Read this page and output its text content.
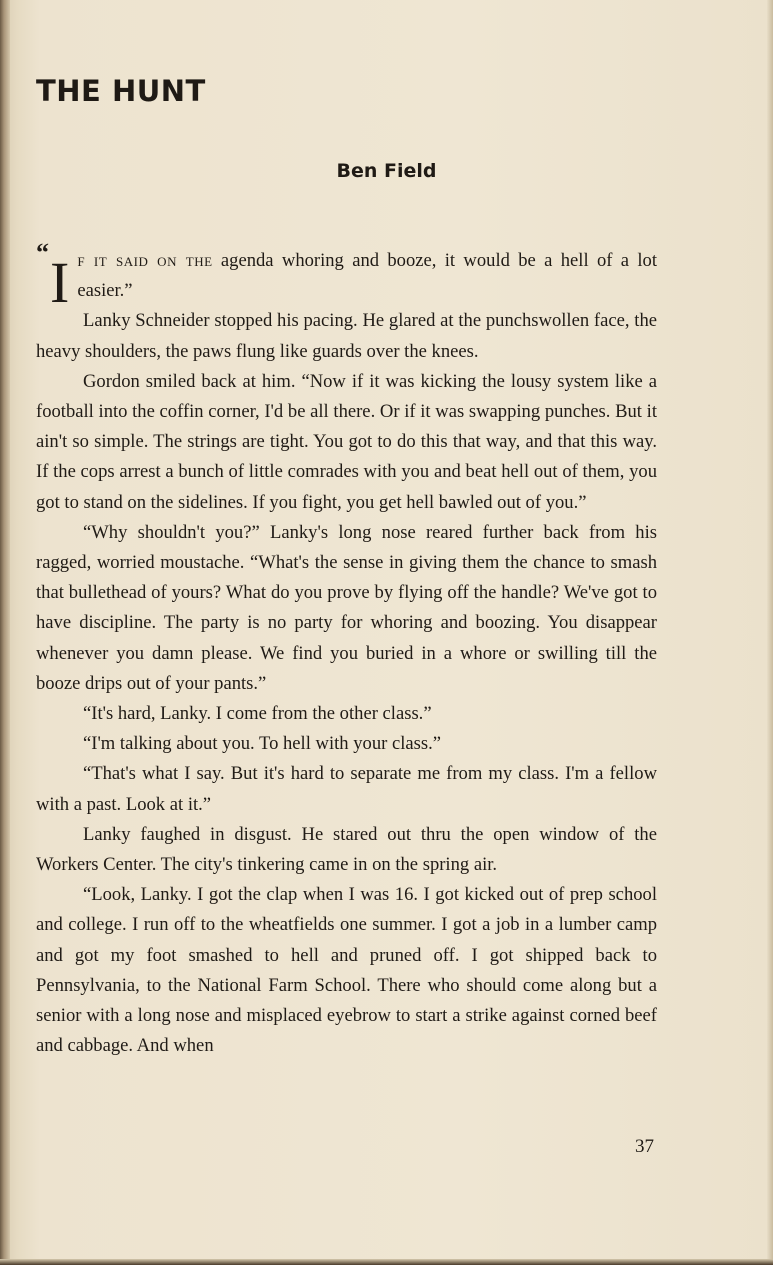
THE HUNT
Ben Field

“ I f it said on the agenda whoring and booze, it would be a hell of a lot easier.”

Lanky Schneider stopped his pacing. He glared at the punchswollen face, the heavy shoulders, the paws flung like guards over the knees.

Gordon smiled back at him. “Now if it was kicking the lousy system like a football into the coffin corner, I'd be all there. Or if it was swapping punches. But it ain't so simple. The strings are tight. You got to do this that way, and that this way. If the cops arrest a bunch of little comrades with you and beat hell out of them, you got to stand on the sidelines. If you fight, you get hell bawled out of you.”

“Why shouldn't you?” Lanky's long nose reared further back from his ragged, worried moustache. “What's the sense in giving them the chance to smash that bullethead of yours? What do you prove by flying off the handle? We've got to have discipline. The party is no party for whoring and boozing. You disappear whenever you damn please. We find you buried in a whore or swilling till the booze drips out of your pants.”

“It's hard, Lanky. I come from the other class.”

“I'm talking about you. To hell with your class.”

“That's what I say. But it's hard to separate me from my class. I'm a fellow with a past. Look at it.”

Lanky faughed in disgust. He stared out thru the open window of the Workers Center. The city's tinkering came in on the spring air.

“Look, Lanky. I got the clap when I was 16. I got kicked out of prep school and college. I run off to the wheatfields one summer. I got a job in a lumber camp and got my foot smashed to hell and pruned off. I got shipped back to Pennsylvania, to the National Farm School. There who should come along but a senior with a long nose and misplaced eyebrow to start a strike against corned beef and cabbage. And when

37
